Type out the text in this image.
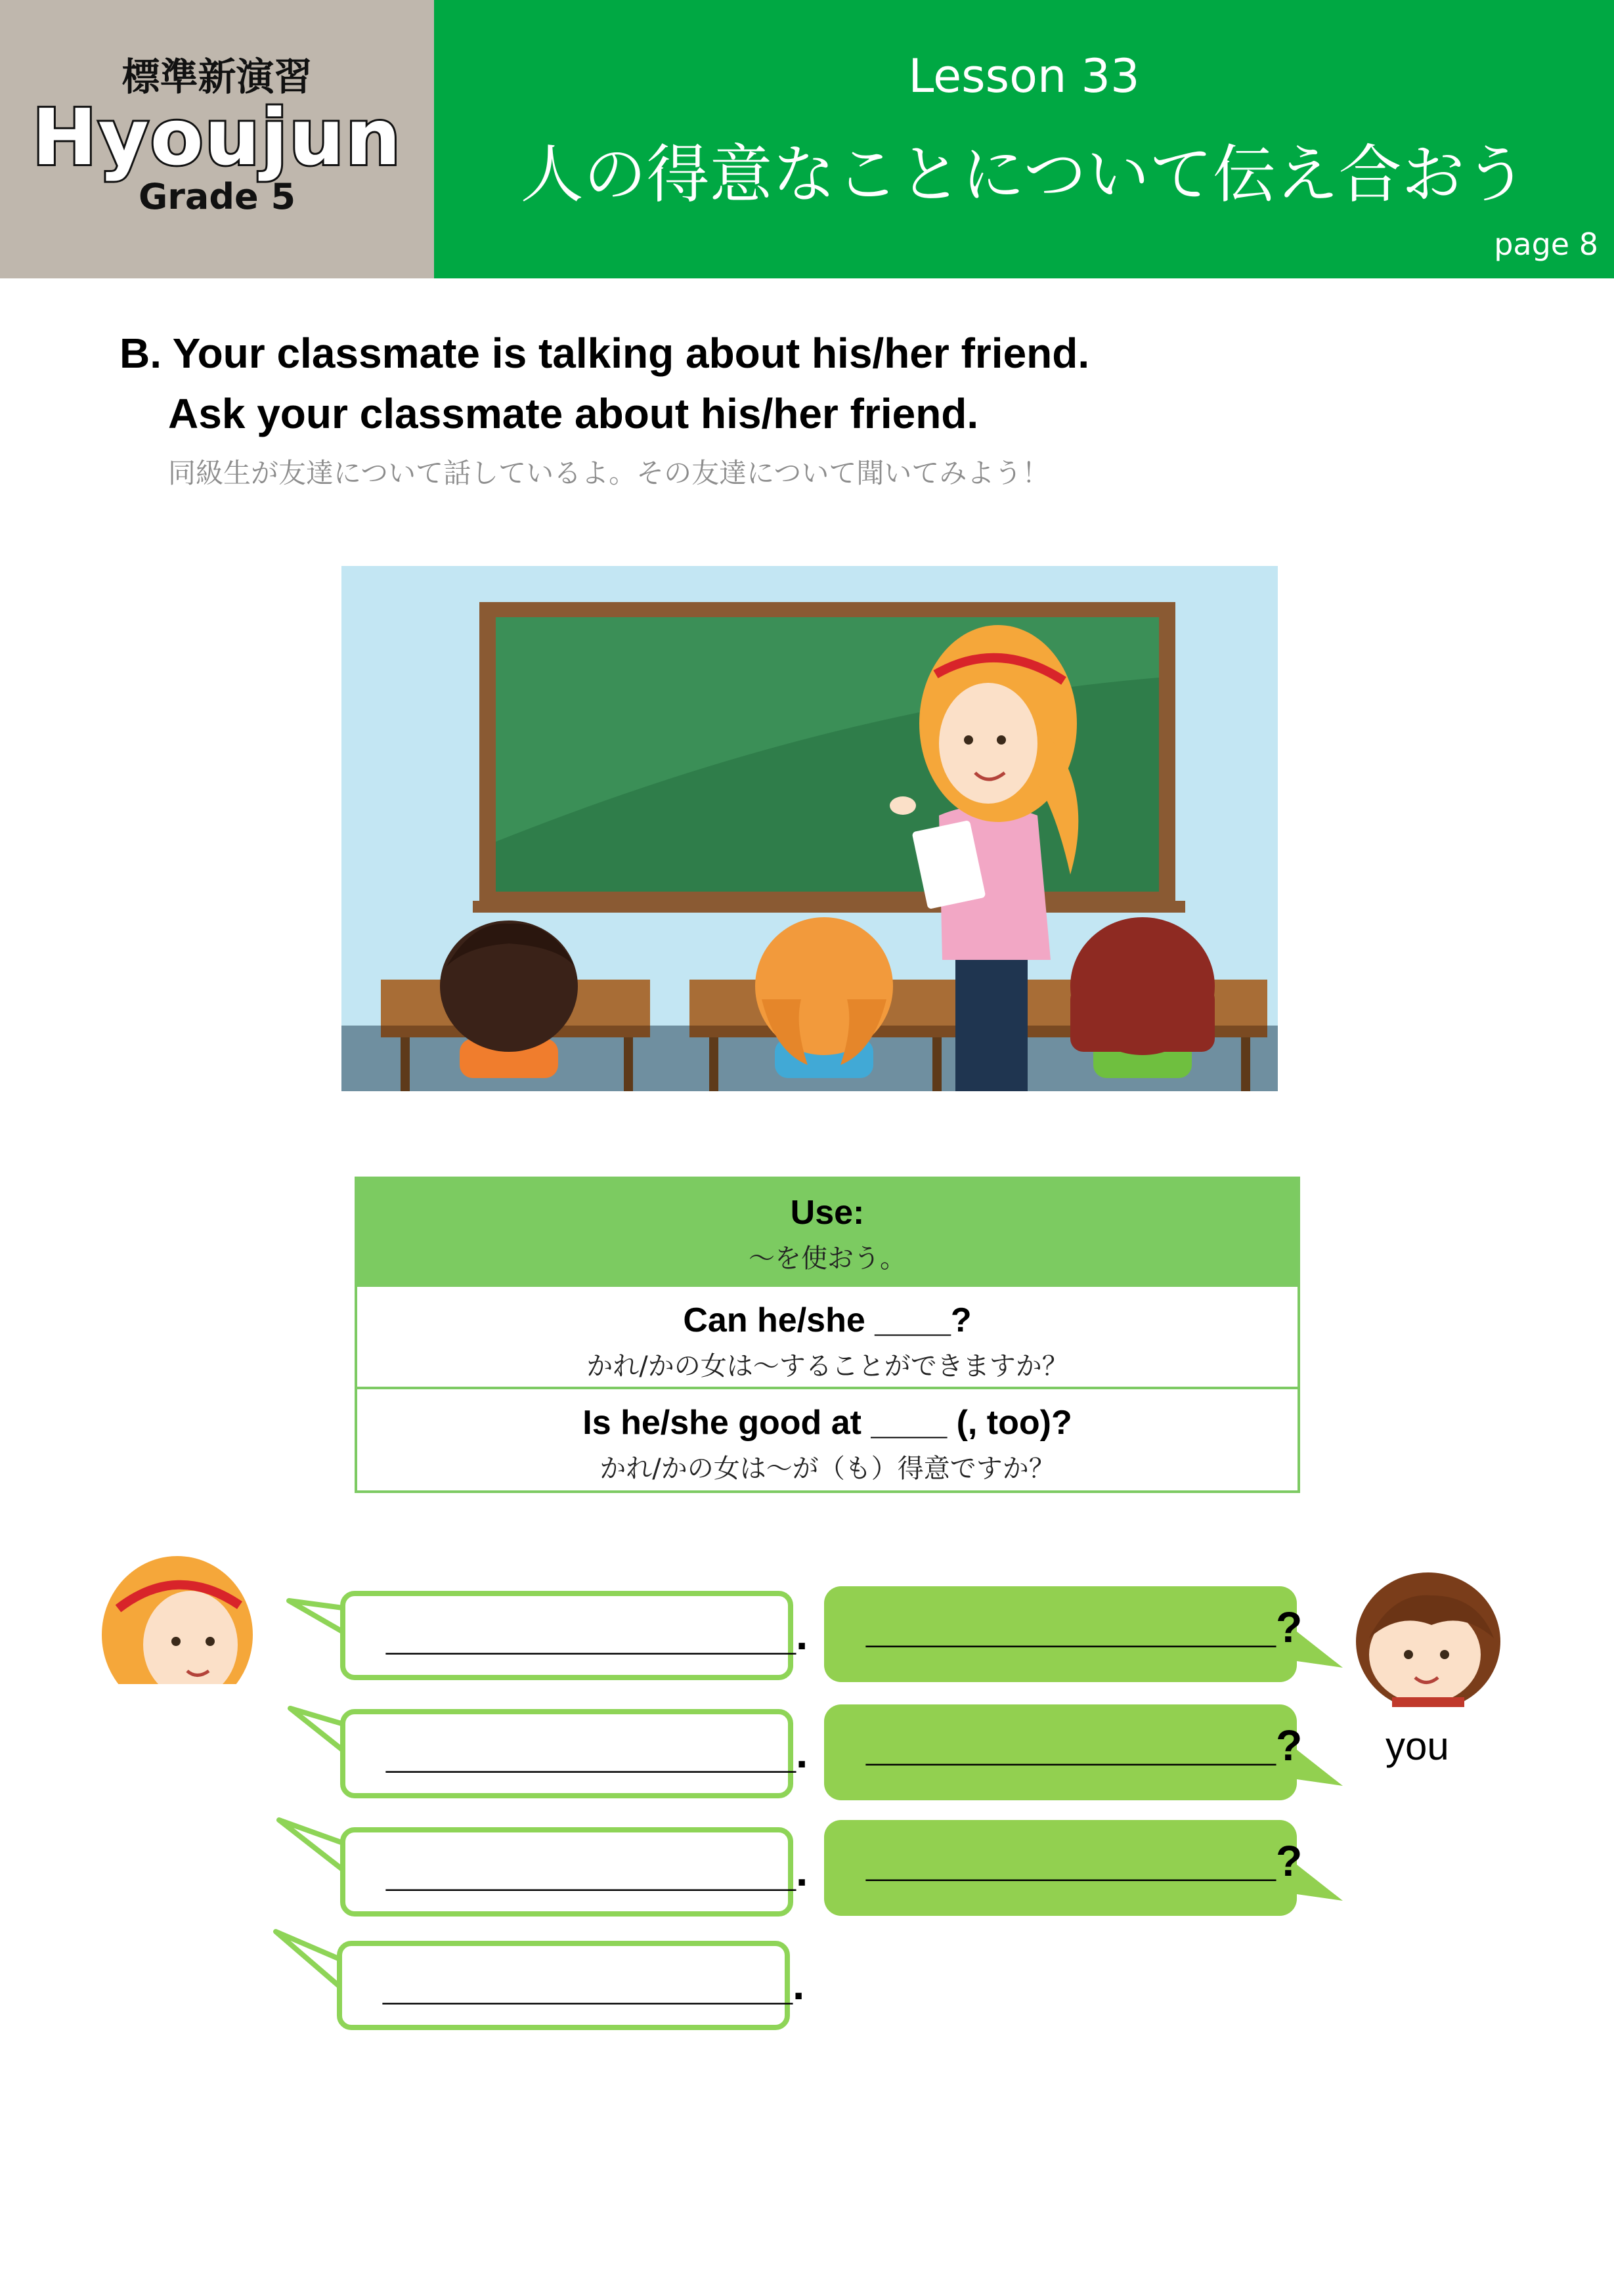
標準新演習
Hyoujun
Grade 5
Lesson 33
人の得意なことについて伝え合おう
page 8
B. Your classmate is talking about his/her friend.
Ask your classmate about his/her friend.
同級生が友達について話しているよ。その友達について聞いてみよう！
Use:
～を使おう。
Can he/she ____?
かれ/かの女は～することができますか？
Is he/she good at ____ (, too)?
かれ/かの女は～が（も）得意ですか？
you
_________________.
_________________.
_________________.
_________________.
_________________?
_________________?
_________________?
